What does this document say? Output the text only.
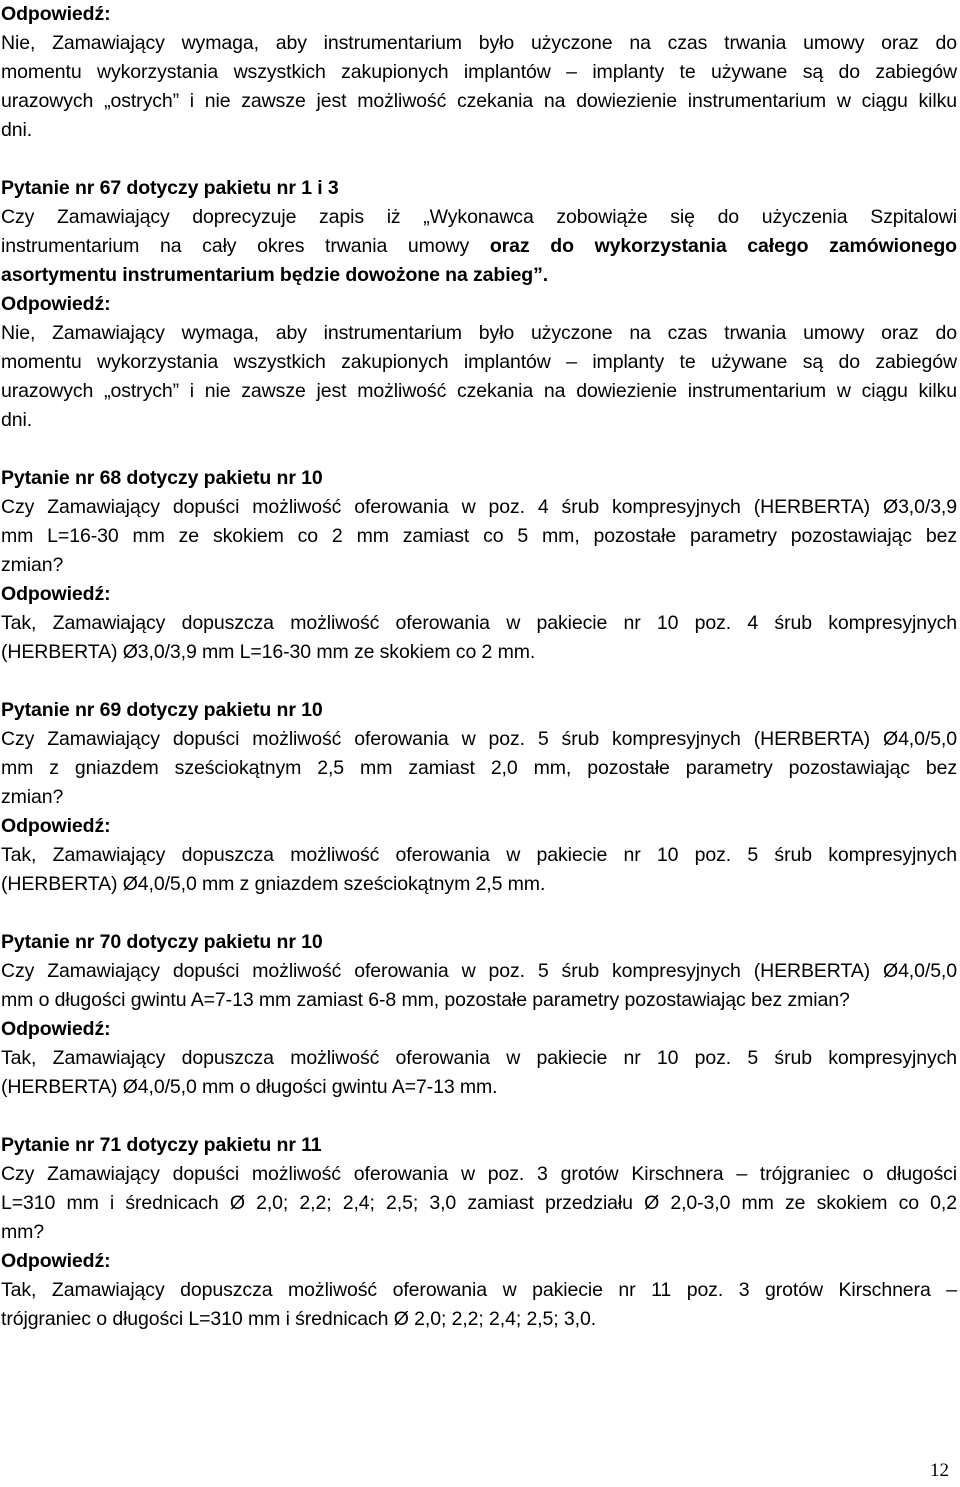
Odpowiedź:
Nie, Zamawiający wymaga, aby instrumentarium było użyczone na czas trwania umowy oraz do
momentu wykorzystania wszystkich zakupionych implantów – implanty te używane są do zabiegów
urazowych „ostrych” i nie zawsze jest możliwość czekania na dowiezienie instrumentarium w ciągu kilku
dni.
Pytanie nr 67 dotyczy pakietu nr 1 i 3
Czy Zamawiający doprecyzuje zapis iż „Wykonawca zobowiąże się do użyczenia Szpitalowi
instrumentarium na cały okres trwania umowy oraz do wykorzystania całego zamówionego
asortymentu instrumentarium będzie dowożone na zabieg”.
Odpowiedź:
Nie, Zamawiający wymaga, aby instrumentarium było użyczone na czas trwania umowy oraz do
momentu wykorzystania wszystkich zakupionych implantów – implanty te używane są do zabiegów
urazowych „ostrych” i nie zawsze jest możliwość czekania na dowiezienie instrumentarium w ciągu kilku
dni.
Pytanie nr 68 dotyczy pakietu nr 10
Czy Zamawiający dopuści możliwość oferowania w poz. 4 śrub kompresyjnych (HERBERTA) Ø3,0/3,9
mm L=16-30 mm ze skokiem co 2 mm zamiast co 5 mm, pozostałe parametry pozostawiając bez
zmian?
Odpowiedź:
Tak, Zamawiający dopuszcza możliwość oferowania w pakiecie nr 10 poz. 4 śrub kompresyjnych
(HERBERTA) Ø3,0/3,9 mm L=16-30 mm ze skokiem co 2 mm.
Pytanie nr 69 dotyczy pakietu nr 10
Czy Zamawiający dopuści możliwość oferowania w poz. 5 śrub kompresyjnych (HERBERTA) Ø4,0/5,0
mm z gniazdem sześciokątnym 2,5 mm zamiast 2,0 mm, pozostałe parametry pozostawiając bez
zmian?
Odpowiedź:
Tak, Zamawiający dopuszcza możliwość oferowania w pakiecie nr 10 poz. 5 śrub kompresyjnych
(HERBERTA) Ø4,0/5,0 mm z gniazdem sześciokątnym 2,5 mm.
Pytanie nr 70 dotyczy pakietu nr 10
Czy Zamawiający dopuści możliwość oferowania w poz. 5 śrub kompresyjnych (HERBERTA) Ø4,0/5,0
mm o długości gwintu A=7-13 mm zamiast 6-8 mm, pozostałe parametry pozostawiając bez zmian?
Odpowiedź:
Tak, Zamawiający dopuszcza możliwość oferowania w pakiecie nr 10 poz. 5 śrub kompresyjnych
(HERBERTA) Ø4,0/5,0 mm o długości gwintu A=7-13 mm.
Pytanie nr 71 dotyczy pakietu nr 11
Czy Zamawiający dopuści możliwość oferowania w poz. 3 grotów Kirschnera – trójgraniec o długości
L=310 mm i średnicach Ø 2,0; 2,2; 2,4; 2,5; 3,0 zamiast przedziału Ø 2,0-3,0 mm ze skokiem co 0,2
mm?
Odpowiedź:
Tak, Zamawiający dopuszcza możliwość oferowania w pakiecie nr 11 poz. 3 grotów Kirschnera –
trójgraniec o długości L=310 mm i średnicach Ø 2,0; 2,2; 2,4; 2,5; 3,0.
12
